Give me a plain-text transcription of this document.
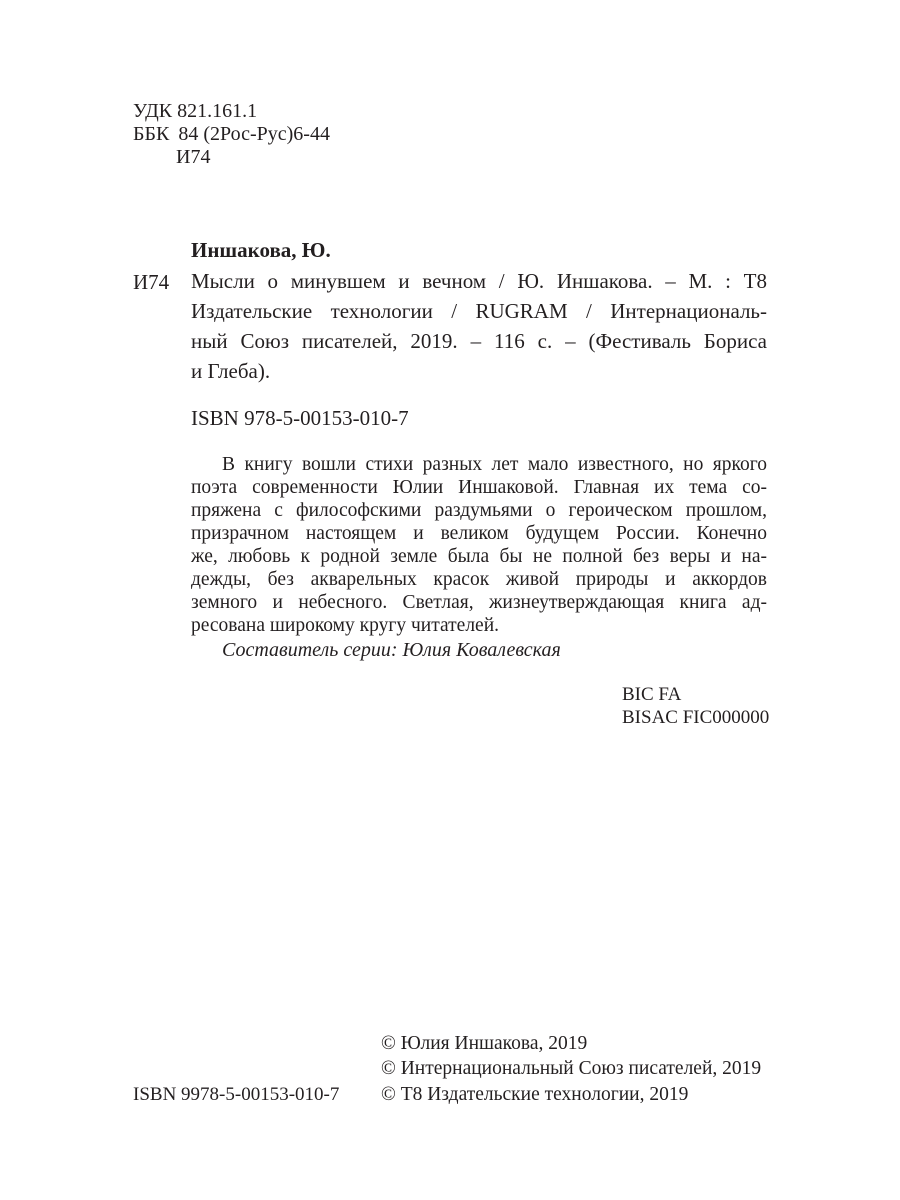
УДК 821.161.1
ББК 84 (2Рос-Рус)6-44
И74
Иншакова, Ю.
И74 Мысли о минувшем и вечном / Ю. Иншакова. – М. : Т8
Издательские технологии / RUGRAM / Интернациональ-
ный Союз писателей, 2019. – 116 с. – (Фестиваль Бориса
и Глеба).
ISBN 978-5-00153-010-7
В книгу вошли стихи разных лет мало известного, но яркого
поэта современности Юлии Иншаковой. Главная их тема со-
пряжена с философскими раздумьями о героическом прошлом,
призрачном настоящем и великом будущем России. Конечно
же, любовь к родной земле была бы не полной без веры и на-
дежды, без акварельных красок живой природы и аккордов
земного и небесного. Светлая, жизнеутверждающая книга ад-
ресована широкому кругу читателей.
Составитель серии: Юлия Ковалевская
BIC FA
BISAC FIC000000
ISBN 9978-5-00153-010-7
© Юлия Иншакова, 2019
© Интернациональный Союз писателей, 2019
© Т8 Издательские технологии, 2019
